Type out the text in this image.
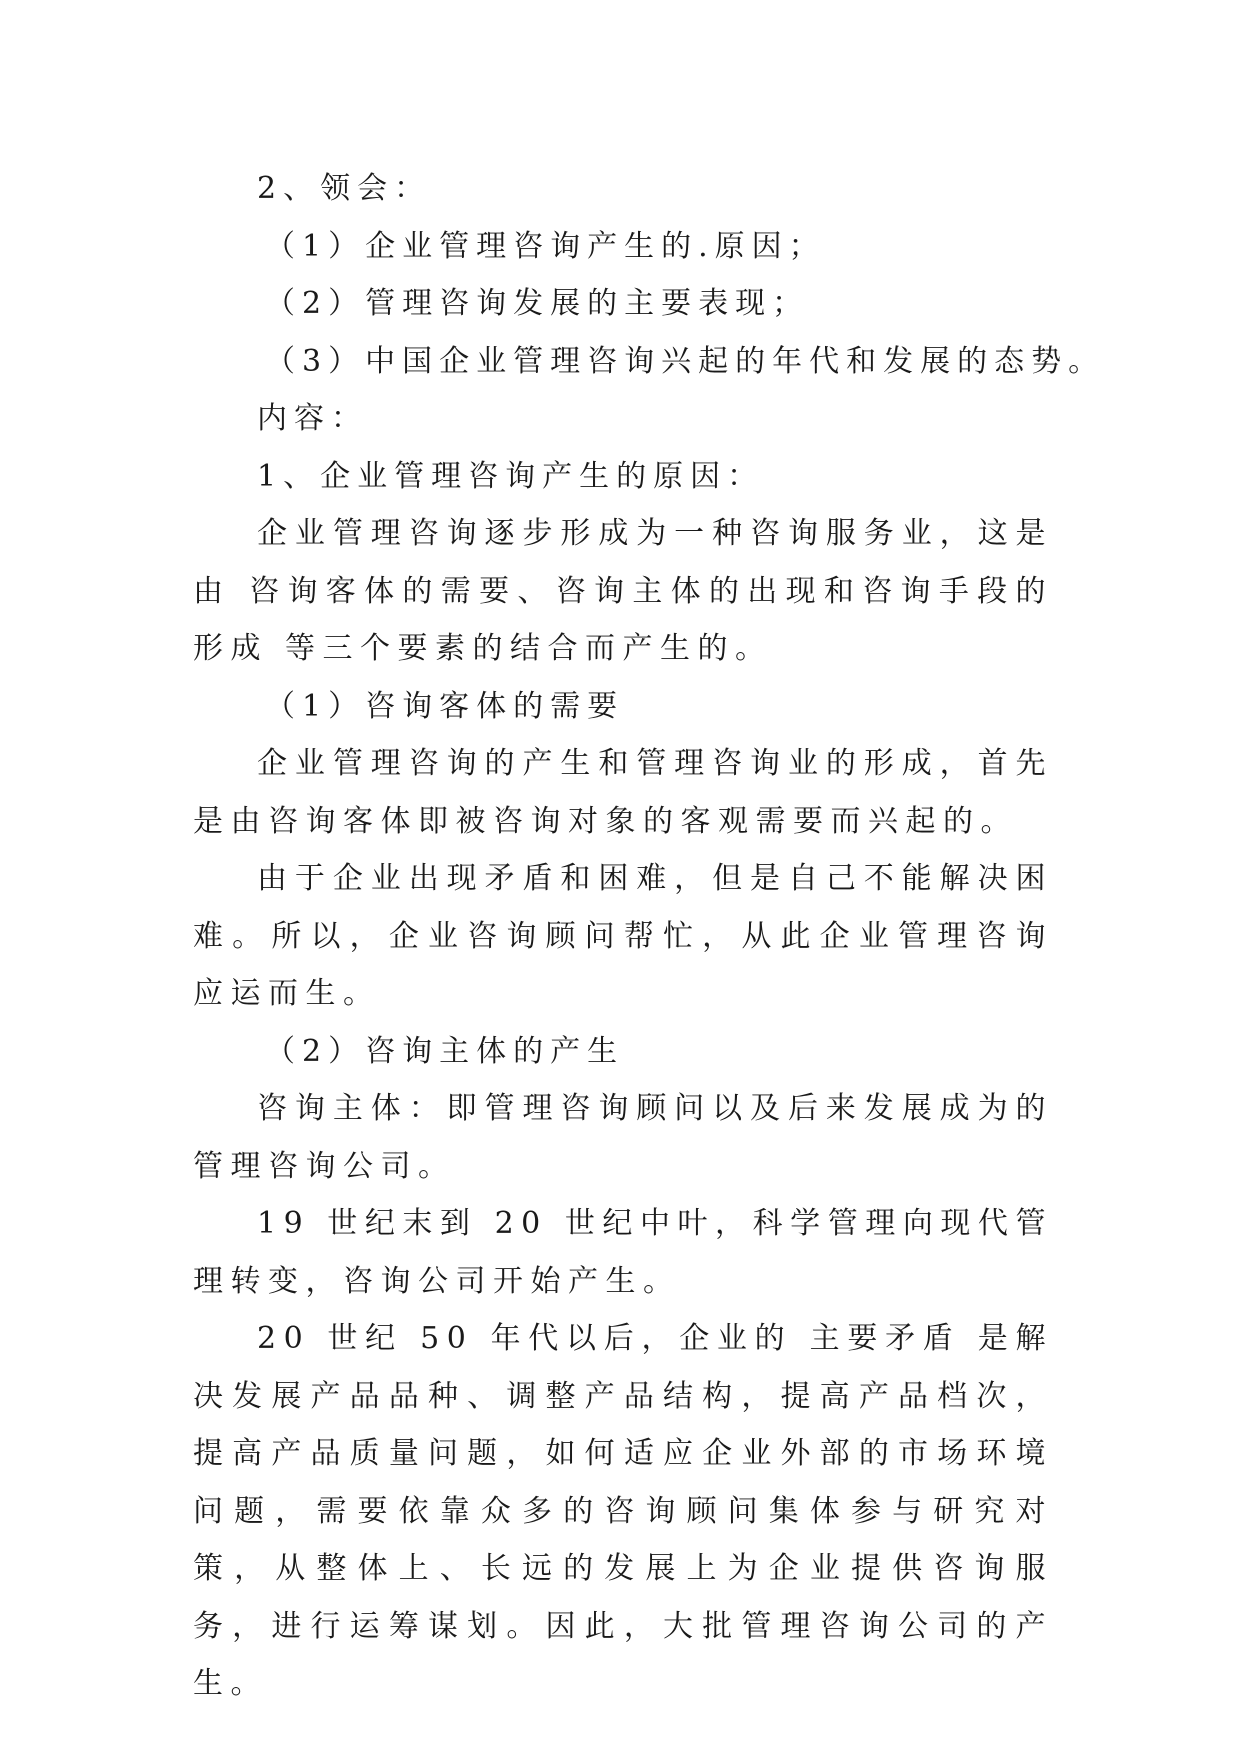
2、领会：

（1）企业管理咨询产生的.原因；

（2）管理咨询发展的主要表现；

（3）中国企业管理咨询兴起的年代和发展的态势。

内容：

1、企业管理咨询产生的原因：

企业管理咨询逐步形成为一种咨询服务业，这是由 咨询客体的需要、咨询主体的出现和咨询手段的形成 等三个要素的结合而产生的。

（1）咨询客体的需要

企业管理咨询的产生和管理咨询业的形成，首先是由咨询客体即被咨询对象的客观需要而兴起的。

由于企业出现矛盾和困难，但是自己不能解决困难。所以，企业咨询顾问帮忙，从此企业管理咨询应运而生。

（2）咨询主体的产生

咨询主体：即管理咨询顾问以及后来发展成为的管理咨询公司。

19 世纪末到 20 世纪中叶，科学管理向现代管理转变，咨询公司开始产生。

20 世纪 50 年代以后，企业的 主要矛盾 是解决发展产品品种、调整产品结构，提高产品档次，提高产品质量问题，如何适应企业外部的市场环境问题，需要依靠众多的咨询顾问集体参与研究对策，从整体上、长远的发展上为企业提供咨询服务，进行运筹谋划。因此，大批管理咨询公司的产生。
